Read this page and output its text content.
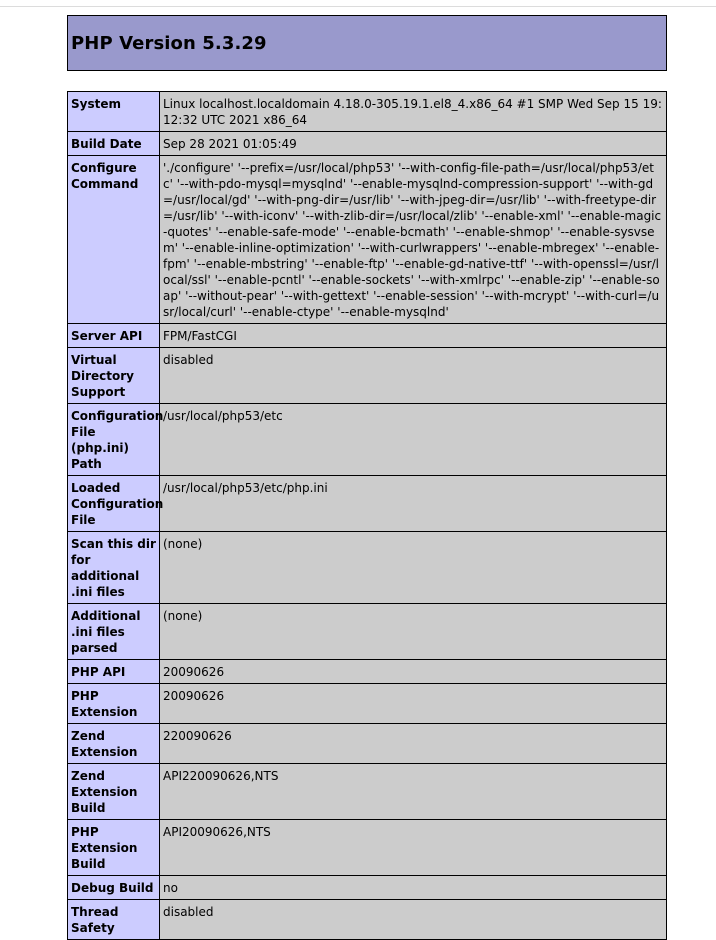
PHP Version 5.3.29
System	Linux localhost.localdomain 4.18.0-305.19.1.el8_4.x86_64 #1 SMP Wed Sep 15 19:12:32 UTC 2021 x86_64
Build Date	Sep 28 2021 01:05:49
Configure Command	'./configure' '--prefix=/usr/local/php53' '--with-config-file-path=/usr/local/php53/etc' '--with-pdo-mysql=mysqlnd' '--enable-mysqlnd-compression-support' '--with-gd=/usr/local/gd' '--with-png-dir=/usr/lib' '--with-jpeg-dir=/usr/lib' '--with-freetype-dir=/usr/lib' '--with-iconv' '--with-zlib-dir=/usr/local/zlib' '--enable-xml' '--enable-magic-quotes' '--enable-safe-mode' '--enable-bcmath' '--enable-shmop' '--enable-sysvsem' '--enable-inline-optimization' '--with-curlwrappers' '--enable-mbregex' '--enable-fpm' '--enable-mbstring' '--enable-ftp' '--enable-gd-native-ttf' '--with-openssl=/usr/local/ssl' '--enable-pcntl' '--enable-sockets' '--with-xmlrpc' '--enable-zip' '--enable-soap' '--without-pear' '--with-gettext' '--enable-session' '--with-mcrypt' '--with-curl=/usr/local/curl' '--enable-ctype' '--enable-mysqlnd'
Server API	FPM/FastCGI
Virtual Directory Support	disabled
Configuration File (php.ini) Path	/usr/local/php53/etc
Loaded Configuration File	/usr/local/php53/etc/php.ini
Scan this dir for additional .ini files	(none)
Additional .ini files parsed	(none)
PHP API	20090626
PHP Extension	20090626
Zend Extension	220090626
Zend Extension Build	API220090626,NTS
PHP Extension Build	API20090626,NTS
Debug Build	no
Thread Safety	disabled
